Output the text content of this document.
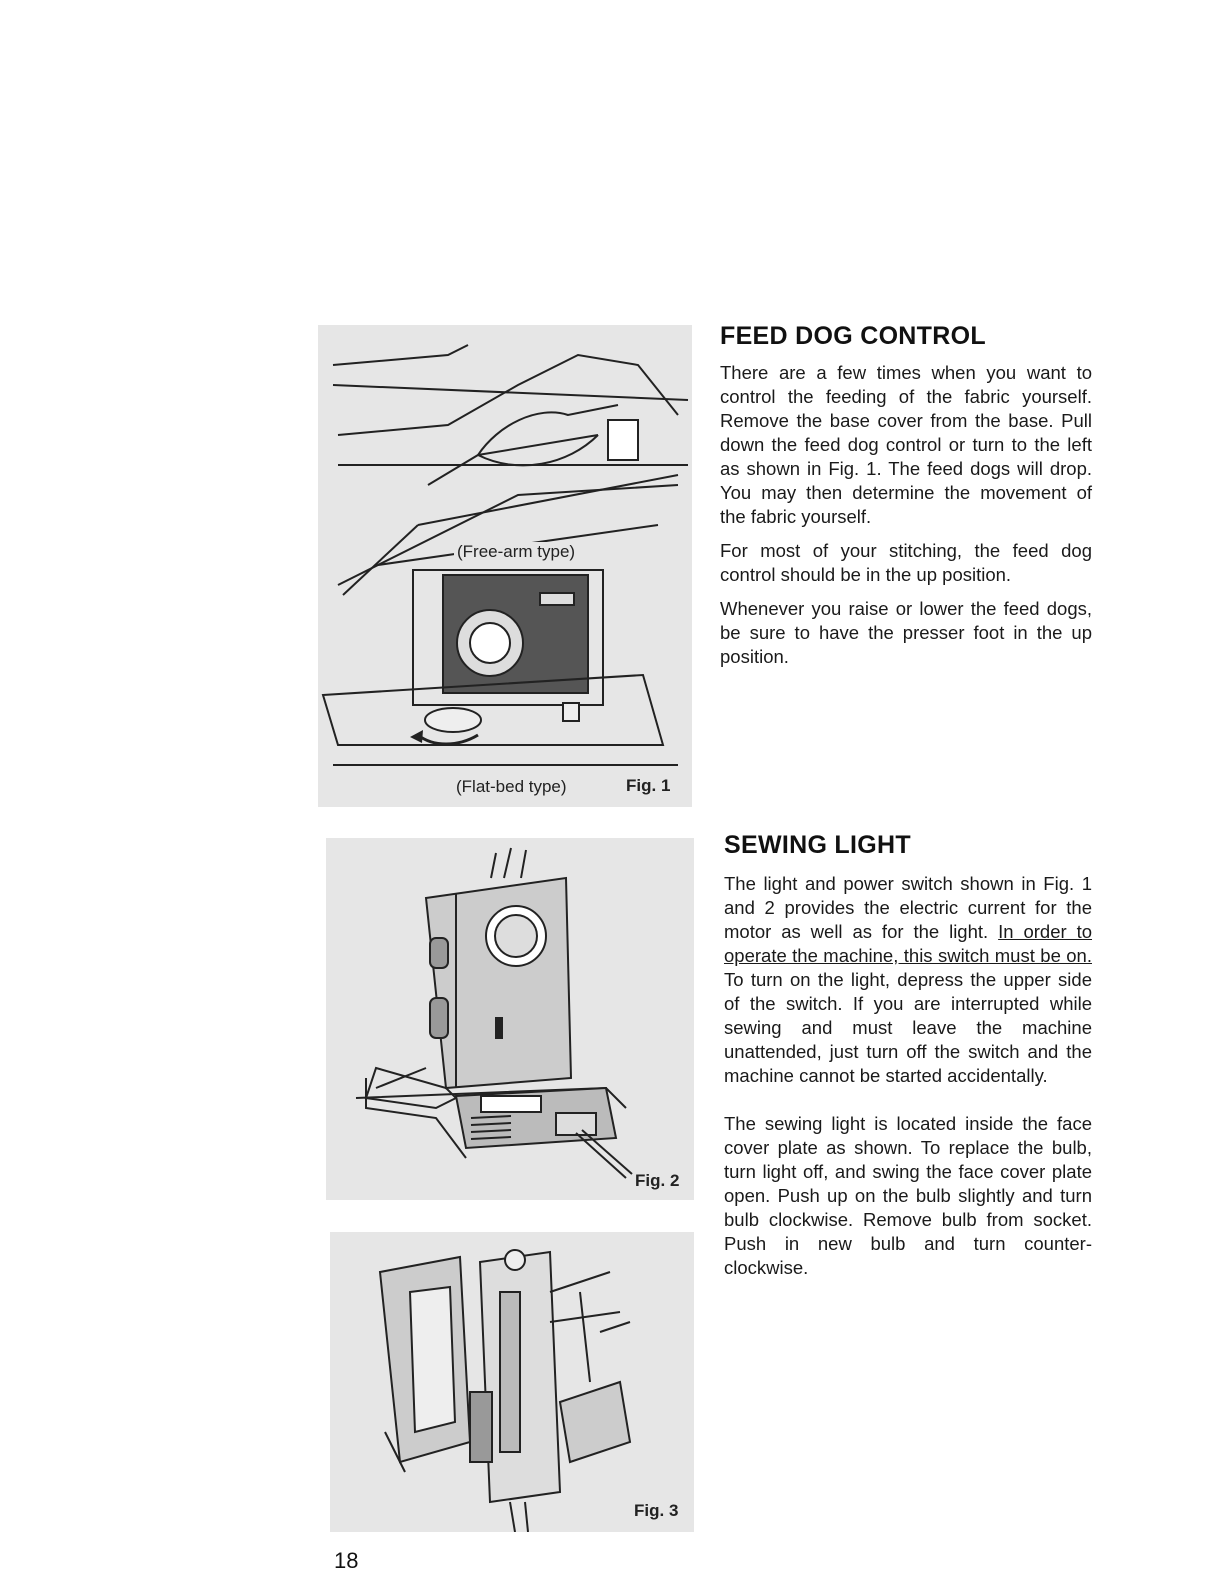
(Free-arm type)
(Flat-bed type)	Fig. 1
Fig. 2
Fig. 3
FEED DOG CONTROL

There are a few times when you want to control the feeding of the fabric yourself. Remove the base cover from the base. Pull down the feed dog control or turn to the left as shown in Fig. 1. The feed dogs will drop. You may then determine the movement of the fabric yourself.

For most of your stitching, the feed dog control should be in the up position.

Whenever you raise or lower the feed dogs, be sure to have the presser foot in the up position.

SEWING LIGHT

The light and power switch shown in Fig. 1 and 2 provides the electric current for the motor as well as for the light. In order to operate the machine, this switch must be on. To turn on the light, depress the upper side of the switch. If you are interrupted while sewing and must leave the machine unattended, just turn off the switch and the machine cannot be started accidentally.

The sewing light is located inside the face cover plate as shown. To replace the bulb, turn light off, and swing the face cover plate open. Push up on the bulb slightly and turn bulb clockwise. Remove bulb from socket. Push in new bulb and turn counter-clockwise.

18
